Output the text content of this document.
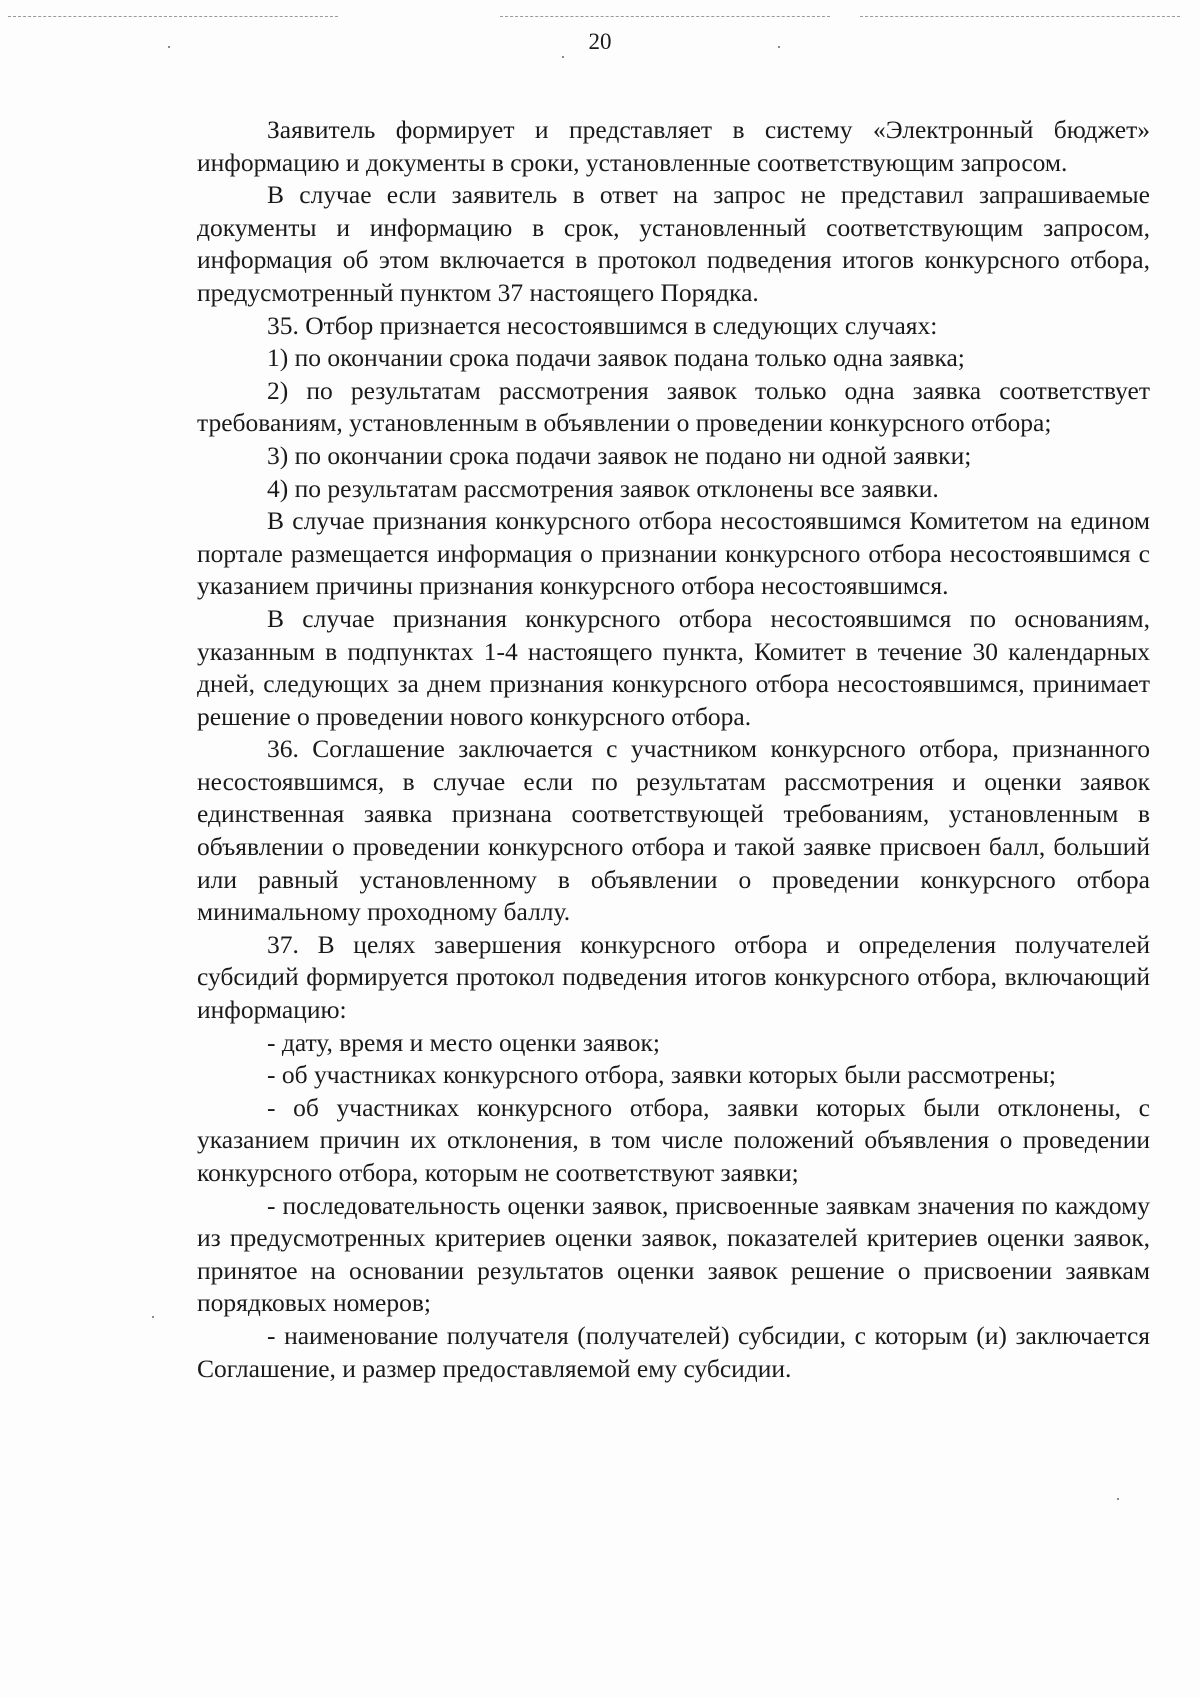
20

Заявитель формирует и представляет в систему «Электронный бюджет» информацию и документы в сроки, установленные соответствующим запросом.

В случае если заявитель в ответ на запрос не представил запрашиваемые документы и информацию в срок, установленный соответствующим запросом, информация об этом включается в протокол подведения итогов конкурсного отбора, предусмотренный пунктом 37 настоящего Порядка.

35. Отбор признается несостоявшимся в следующих случаях:

1) по окончании срока подачи заявок подана только одна заявка;

2) по результатам рассмотрения заявок только одна заявка соответствует требованиям, установленным в объявлении о проведении конкурсного отбора;

3) по окончании срока подачи заявок не подано ни одной заявки;

4) по результатам рассмотрения заявок отклонены все заявки.

В случае признания конкурсного отбора несостоявшимся Комитетом на едином портале размещается информация о признании конкурсного отбора несостоявшимся с указанием причины признания конкурсного отбора несостоявшимся.

В случае признания конкурсного отбора несостоявшимся по основаниям, указанным в подпунктах 1-4 настоящего пункта, Комитет в течение 30 календарных дней, следующих за днем признания конкурсного отбора несостоявшимся, принимает решение о проведении нового конкурсного отбора.

36. Соглашение заключается с участником конкурсного отбора, признанного несостоявшимся, в случае если по результатам рассмотрения и оценки заявок единственная заявка признана соответствующей требованиям, установленным в объявлении о проведении конкурсного отбора и такой заявке присвоен балл, больший или равный установленному в объявлении о проведении конкурсного отбора минимальному проходному баллу.

37. В целях завершения конкурсного отбора и определения получателей субсидий формируется протокол подведения итогов конкурсного отбора, включающий информацию:

- дату, время и место оценки заявок;

- об участниках конкурсного отбора, заявки которых были рассмотрены;

- об участниках конкурсного отбора, заявки которых были отклонены, с указанием причин их отклонения, в том числе положений объявления о проведении конкурсного отбора, которым не соответствуют заявки;

- последовательность оценки заявок, присвоенные заявкам значения по каждому из предусмотренных критериев оценки заявок, показателей критериев оценки заявок, принятое на основании результатов оценки заявок решение о присвоении заявкам порядковых номеров;

- наименование получателя (получателей) субсидии, с которым (и) заключается Соглашение, и размер предоставляемой ему субсидии.
